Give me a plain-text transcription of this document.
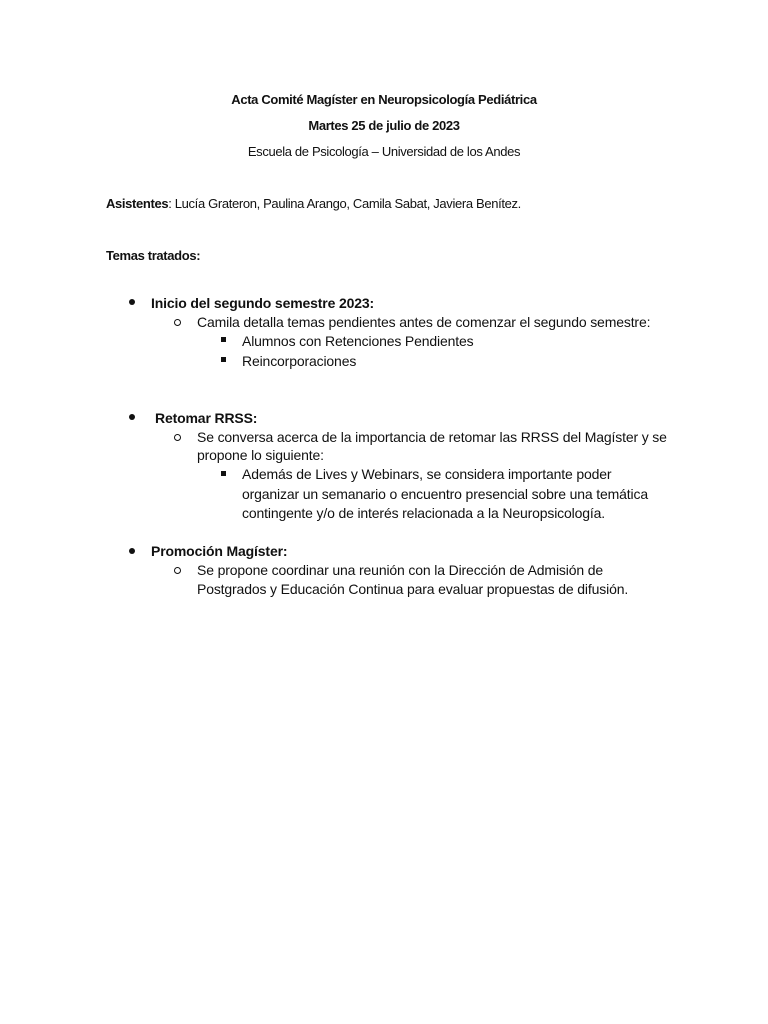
Acta Comité Magíster en Neuropsicología Pediátrica
Martes 25 de julio de 2023
Escuela de Psicología – Universidad de los Andes
Asistentes: Lucía Grateron, Paulina Arango, Camila Sabat, Javiera Benítez.
Temas tratados:
Inicio del segundo semestre 2023:
Camila detalla temas pendientes antes de comenzar el segundo semestre:
Alumnos con Retenciones Pendientes
Reincorporaciones
Retomar RRSS:
Se conversa acerca de la importancia de retomar las RRSS del Magíster y se
propone lo siguiente:
Además de Lives y Webinars, se considera importante poder
organizar un semanario o encuentro presencial sobre una temática
contingente y/o de interés relacionada a la Neuropsicología.
Promoción Magíster:
Se propone coordinar una reunión con la Dirección de Admisión de
Postgrados y Educación Continua para evaluar propuestas de difusión.
